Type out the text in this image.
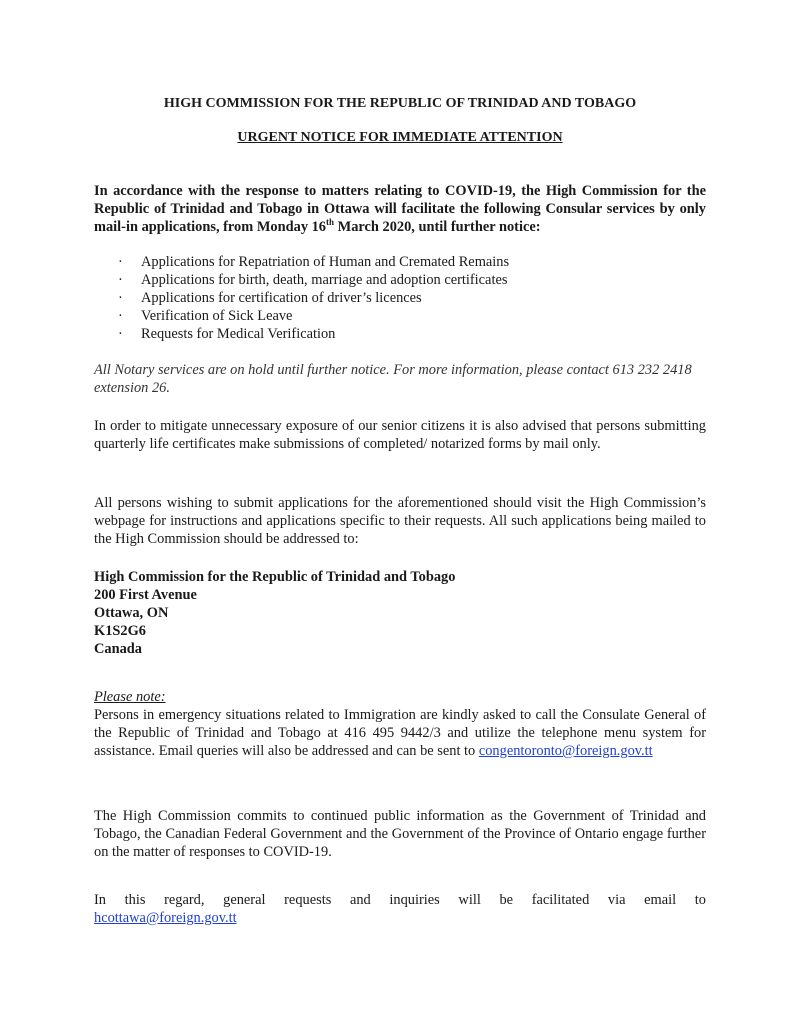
HIGH COMMISSION FOR THE REPUBLIC OF TRINIDAD AND TOBAGO
URGENT NOTICE FOR IMMEDIATE ATTENTION
In accordance with the response to matters relating to COVID-19, the High Commission for the Republic of Trinidad and Tobago in Ottawa will facilitate the following Consular services by only mail-in applications, from Monday 16th March 2020, until further notice:
· Applications for Repatriation of Human and Cremated Remains
· Applications for birth, death, marriage and adoption certificates
· Applications for certification of driver’s licences
· Verification of Sick Leave
· Requests for Medical Verification
All Notary services are on hold until further notice. For more information, please contact 613 232 2418 extension 26.
In order to mitigate unnecessary exposure of our senior citizens it is also advised that persons submitting quarterly life certificates make submissions of completed/ notarized forms by mail only.
All persons wishing to submit applications for the aforementioned should visit the High Commission’s webpage for instructions and applications specific to their requests. All such applications being mailed to the High Commission should be addressed to:
High Commission for the Republic of Trinidad and Tobago
200 First Avenue
Ottawa, ON
K1S2G6
Canada
Please note:
Persons in emergency situations related to Immigration are kindly asked to call the Consulate General of the Republic of Trinidad and Tobago at 416 495 9442/3 and utilize the telephone menu system for assistance. Email queries will also be addressed and can be sent to congentoronto@foreign.gov.tt
The High Commission commits to continued public information as the Government of Trinidad and Tobago, the Canadian Federal Government and the Government of the Province of Ontario engage further on the matter of responses to COVID-19.
In this regard, general requests and inquiries will be facilitated via email to
hcottawa@foreign.gov.tt
